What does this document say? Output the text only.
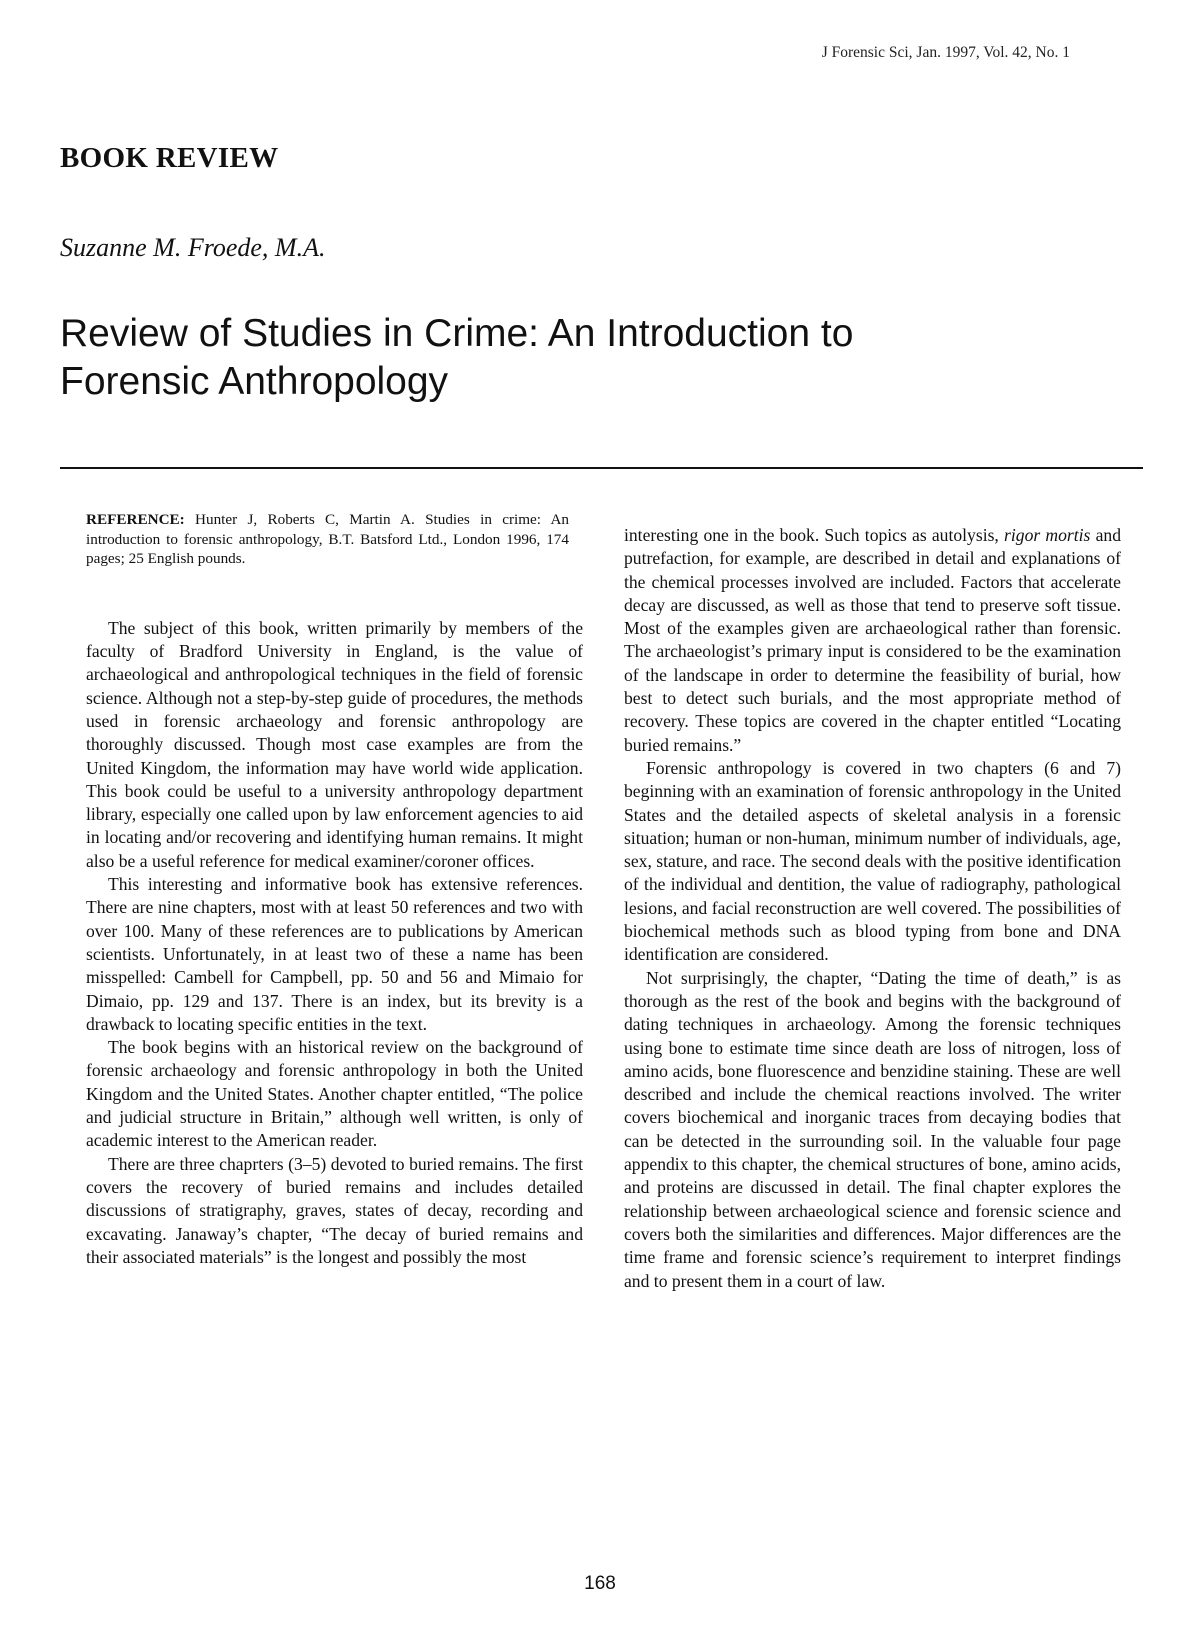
J Forensic Sci, Jan. 1997, Vol. 42, No. 1
BOOK REVIEW
Suzanne M. Froede, M.A.
Review of Studies in Crime: An Introduction to
Forensic Anthropology

REFERENCE: Hunter J, Roberts C, Martin A. Studies in crime: An introduction to forensic anthropology, B.T. Batsford Ltd., London 1996, 174 pages; 25 English pounds.

The subject of this book, written primarily by members of the faculty of Bradford University in England, is the value of archaeological and anthropological techniques in the field of forensic science. Although not a step-by-step guide of procedures, the methods used in forensic archaeology and forensic anthropology are thoroughly discussed. Though most case examples are from the United Kingdom, the information may have world wide application. This book could be useful to a university anthropology department library, especially one called upon by law enforcement agencies to aid in locating and/or recovering and identifying human remains. It might also be a useful reference for medical examiner/coroner offices.

This interesting and informative book has extensive references. There are nine chapters, most with at least 50 references and two with over 100. Many of these references are to publications by American scientists. Unfortunately, in at least two of these a name has been misspelled: Cambell for Campbell, pp. 50 and 56 and Mimaio for Dimaio, pp. 129 and 137. There is an index, but its brevity is a drawback to locating specific entities in the text.

The book begins with an historical review on the background of forensic archaeology and forensic anthropology in both the United Kingdom and the United States. Another chapter entitled, “The police and judicial structure in Britain,” although well written, is only of academic interest to the American reader.

There are three chaprters (3–5) devoted to buried remains. The first covers the recovery of buried remains and includes detailed discussions of stratigraphy, graves, states of decay, recording and excavating. Janaway’s chapter, “The decay of buried remains and their associated materials” is the longest and possibly the most

interesting one in the book. Such topics as autolysis, rigor mortis and putrefaction, for example, are described in detail and explanations of the chemical processes involved are included. Factors that accelerate decay are discussed, as well as those that tend to preserve soft tissue. Most of the examples given are archaeological rather than forensic. The archaeologist’s primary input is considered to be the examination of the landscape in order to determine the feasibility of burial, how best to detect such burials, and the most appropriate method of recovery. These topics are covered in the chapter entitled “Locating buried remains.”

Forensic anthropology is covered in two chapters (6 and 7) beginning with an examination of forensic anthropology in the United States and the detailed aspects of skeletal analysis in a forensic situation; human or non-human, minimum number of individuals, age, sex, stature, and race. The second deals with the positive identification of the individual and dentition, the value of radiography, pathological lesions, and facial reconstruction are well covered. The possibilities of biochemical methods such as blood typing from bone and DNA identification are considered.

Not surprisingly, the chapter, “Dating the time of death,” is as thorough as the rest of the book and begins with the background of dating techniques in archaeology. Among the forensic techniques using bone to estimate time since death are loss of nitrogen, loss of amino acids, bone fluorescence and benzidine staining. These are well described and include the chemical reactions involved. The writer covers biochemical and inorganic traces from decaying bodies that can be detected in the surrounding soil. In the valuable four page appendix to this chapter, the chemical structures of bone, amino acids, and proteins are discussed in detail. The final chapter explores the relationship between archaeological science and forensic science and covers both the similarities and differences. Major differences are the time frame and forensic science’s requirement to interpret findings and to present them in a court of law.

168
